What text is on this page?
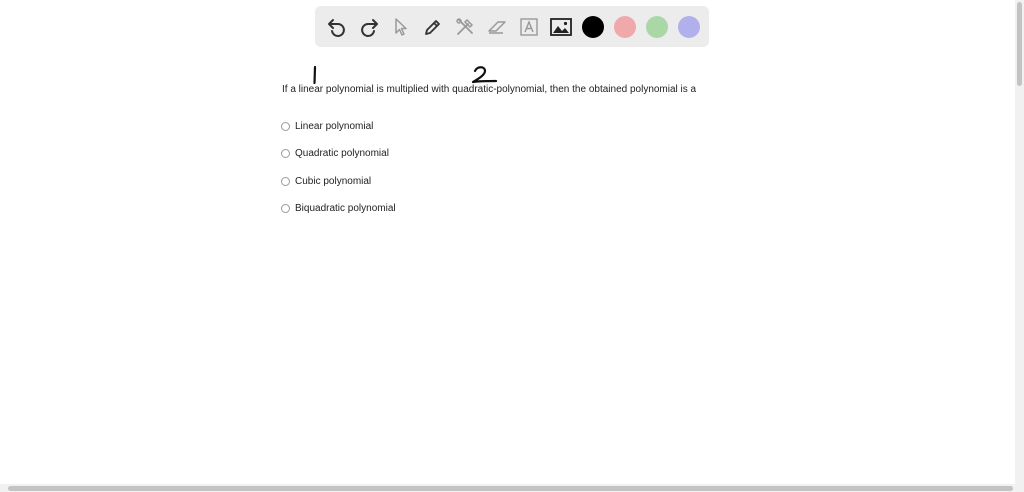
If a linear polynomial is multiplied with quadratic-polynomial, then the obtained polynomial is a
Linear polynomial
Quadratic polynomial
Cubic polynomial
Biquadratic polynomial
